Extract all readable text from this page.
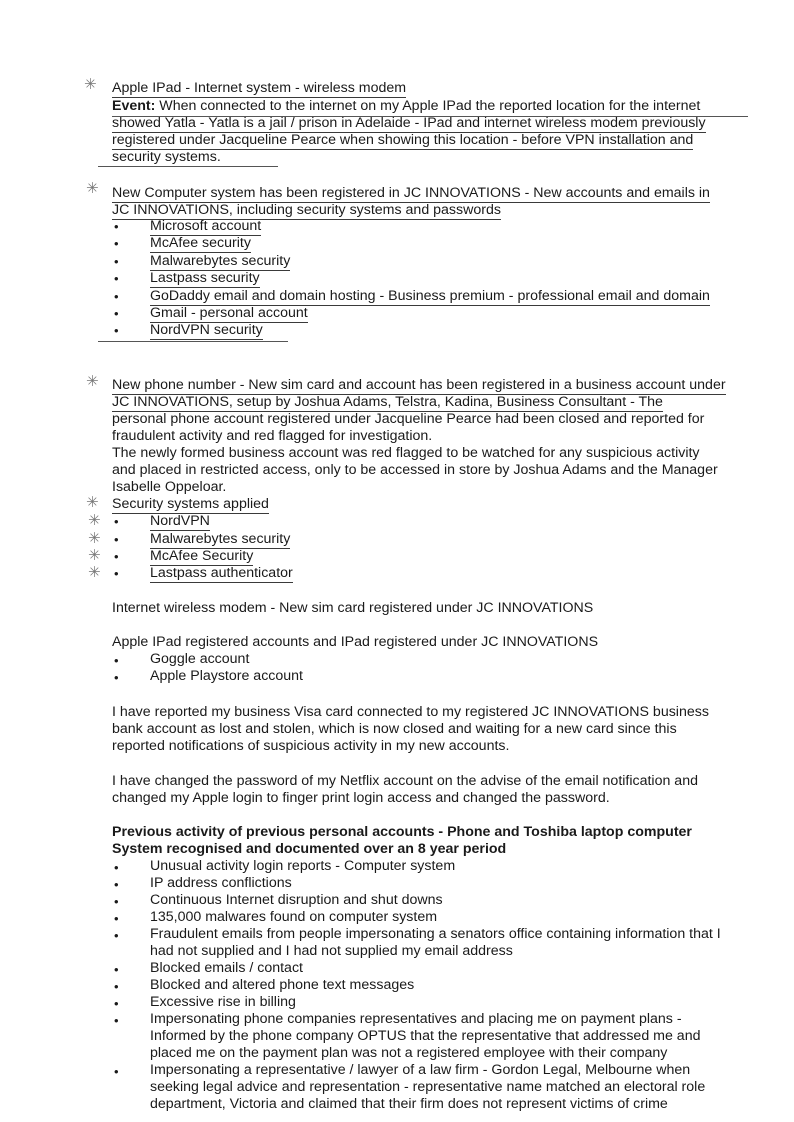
✳ Apple IPad - Internet system - wireless modem
Event: When connected to the internet on my Apple IPad the reported location for the internet
showed Yatla - Yatla is a jail / prison in Adelaide - IPad and internet wireless modem previously
registered under Jacqueline Pearce when showing this location - before VPN installation and
security systems.
✳ New Computer system has been registered in JC INNOVATIONS - New accounts and emails in
JC INNOVATIONS, including security systems and passwords
• Microsoft account
• McAfee security
• Malwarebytes security
• Lastpass security
• GoDaddy email and domain hosting - Business premium - professional email and domain
• Gmail - personal account
• NordVPN security
✳ New phone number - New sim card and account has been registered in a business account under
JC INNOVATIONS, setup by Joshua Adams, Telstra, Kadina, Business Consultant - The
personal phone account registered under Jacqueline Pearce had been closed and reported for
fraudulent activity and red flagged for investigation.
The newly formed business account was red flagged to be watched for any suspicious activity
and placed in restricted access, only to be accessed in store by Joshua Adams and the Manager
Isabelle Oppeloar.
✳ Security systems applied
✳ • NordVPN
✳ • Malwarebytes security
✳ • McAfee Security
✳ • Lastpass authenticator
Internet wireless modem - New sim card registered under JC INNOVATIONS
Apple IPad registered accounts and IPad registered under JC INNOVATIONS
• Goggle account
• Apple Playstore account
I have reported my business Visa card connected to my registered JC INNOVATIONS business
bank account as lost and stolen, which is now closed and waiting for a new card since this
reported notifications of suspicious activity in my new accounts.
I have changed the password of my Netflix account on the advise of the email notification and
changed my Apple login to finger print login access and changed the password.
Previous activity of previous personal accounts - Phone and Toshiba laptop computer
System recognised and documented over an 8 year period
• Unusual activity login reports - Computer system
• IP address conflictions
• Continuous Internet disruption and shut downs
• 135,000 malwares found on computer system
• Fraudulent emails from people impersonating a senators office containing information that I
had not supplied and I had not supplied my email address
• Blocked emails / contact
• Blocked and altered phone text messages
• Excessive rise in billing
• Impersonating phone companies representatives and placing me on payment plans -
Informed by the phone company OPTUS that the representative that addressed me and
placed me on the payment plan was not a registered employee with their company
• Impersonating a representative / lawyer of a law firm - Gordon Legal, Melbourne when
seeking legal advice and representation - representative name matched an electoral role
department, Victoria and claimed that their firm does not represent victims of crime
